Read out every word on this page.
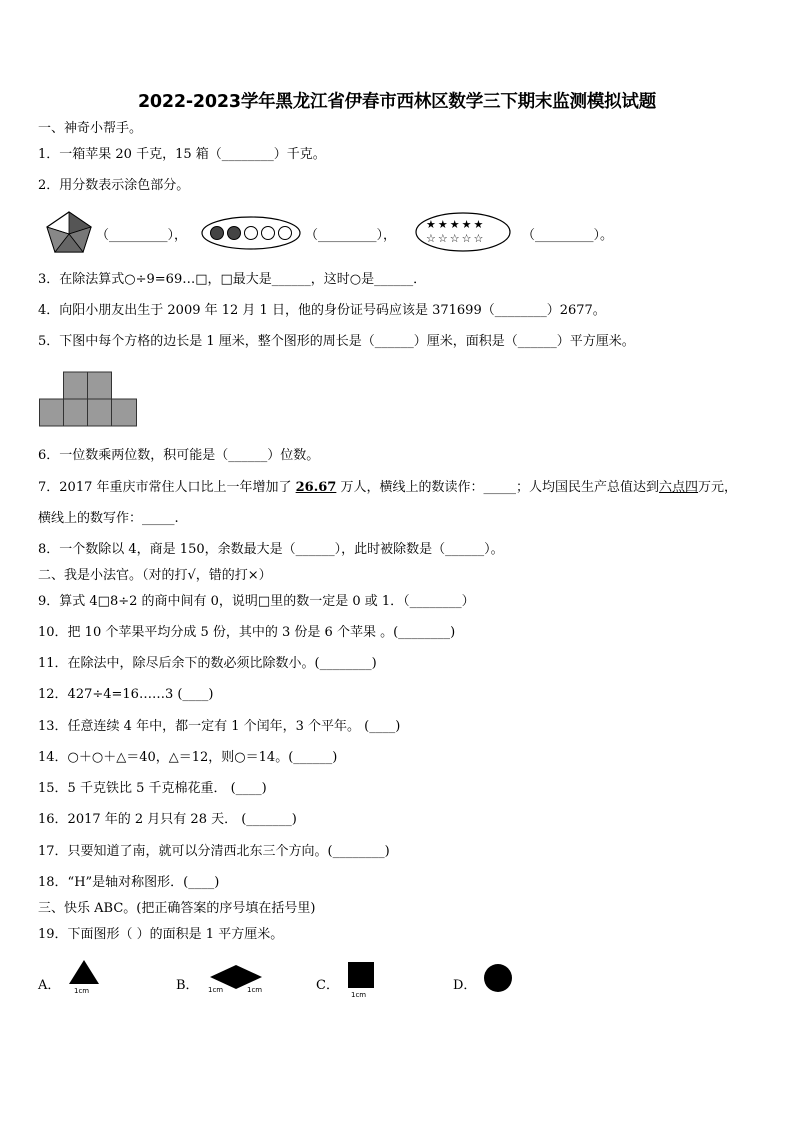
2022-2023学年黑龙江省伊春市西林区数学三下期末监测模拟试题
一、神奇小帮手。
1．一箱苹果 20 千克，15 箱（________）千克。
2．用分数表示涂色部分。
（_________），	（_________），
★★★★★
☆☆☆☆☆	（_________）。
3．在除法算式○÷9=69…□，□最大是______，这时○是______．
4．向阳小朋友出生于 2009 年 12 月 1 日，他的身份证号码应该是 371699（________）2677。
5．下图中每个方格的边长是 1 厘米，整个图形的周长是（______）厘米，面积是（______）平方厘米。
6．一位数乘两位数，积可能是（______）位数。
7．2017 年重庆市常住人口比上一年增加了 26.67 万人，横线上的数读作：_____；人均国民生产总值达到六点四万元，
横线上的数写作：_____.
8．一个数除以 4，商是 150，余数最大是（______），此时被除数是（______）。
二、我是小法官。（对的打√，错的打×）
9．算式 4□8÷2 的商中间有 0，说明□里的数一定是 0 或 1．（________）
10．把 10 个苹果平均分成 5 份，其中的 3 份是 6 个苹果 。(________)
11．在除法中，除尽后余下的数必须比除数小。(________)
12．427÷4=16……3 (____)
13．任意连续 4 年中，都一定有 1 个闰年，3 个平年。 (____)
14．○＋○＋△＝40，△＝12，则○＝14。(______)
15．5 千克铁比 5 千克棉花重． (____)
16．2017 年的 2 月只有 28 天． (_______)
17．只要知道了南，就可以分清西北东三个方向。(________)
18．“H”是轴对称图形．(____)
三、快乐 ABC。(把正确答案的序号填在括号里)
19．下面图形（ ）的面积是 1 平方厘米。
A． 1cm	B． 1cm	1cm	C．
1cm
D．
